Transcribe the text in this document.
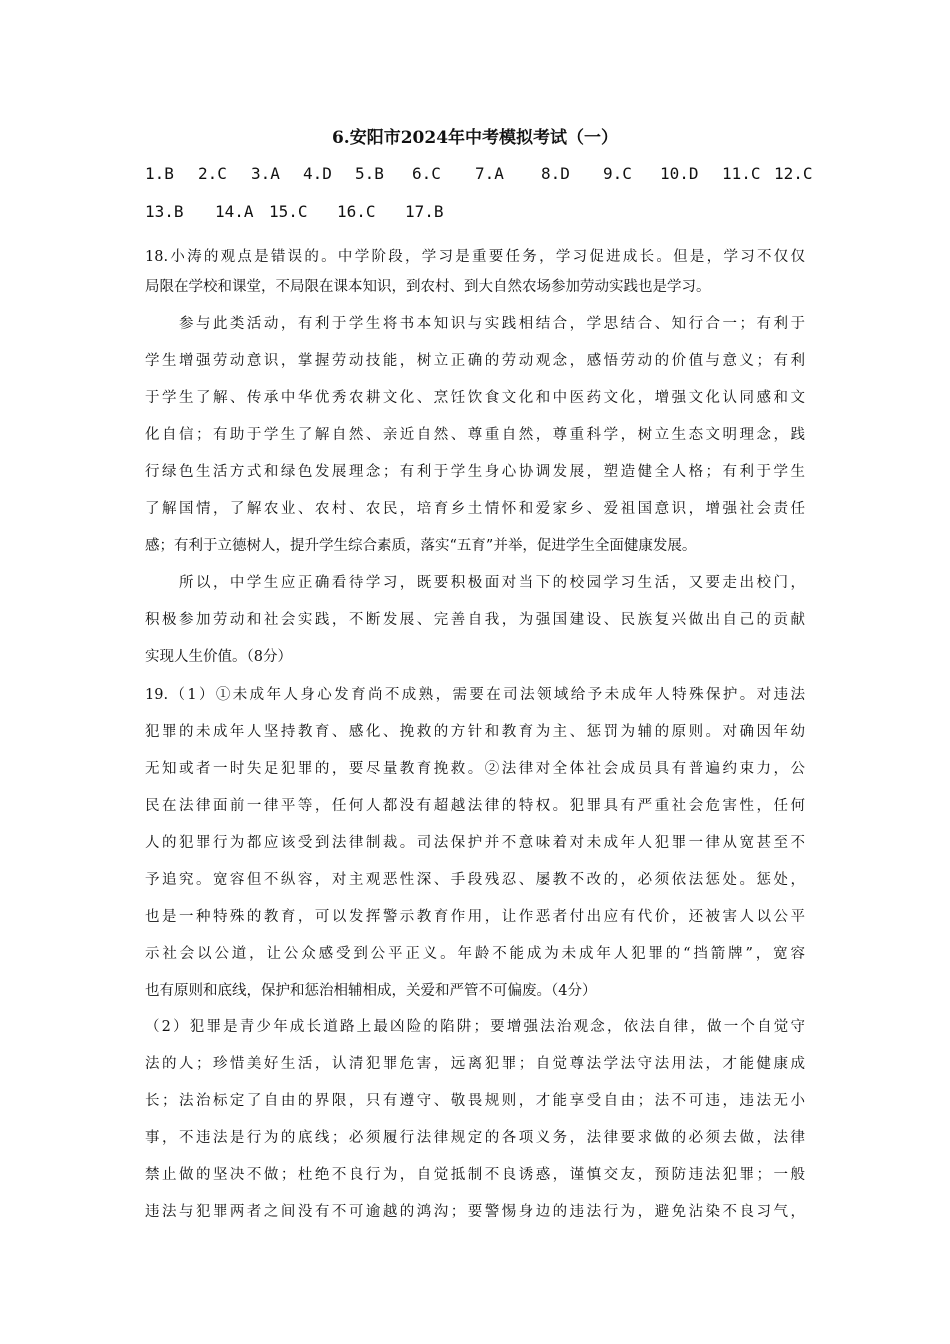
6.安阳市2024年中考模拟考试（一）
1.B 2.C 3.A 4.D 5.B 6.C 7.A 8.D 9.C 10.D 11.C 12.C
13.B 14.A 15.C 16.C 17.B
18.小涛的观点是错误的。中学阶段，学习是重要任务，学习促进成长。但是，学习不仅仅
局限在学校和课堂，不局限在课本知识，到农村、到大自然农场参加劳动实践也是学习。
　　参与此类活动，有利于学生将书本知识与实践相结合，学思结合、知行合一；有利于
学生增强劳动意识，掌握劳动技能，树立正确的劳动观念，感悟劳动的价值与意义；有利
于学生了解、传承中华优秀农耕文化、烹饪饮食文化和中医药文化，增强文化认同感和文
化自信；有助于学生了解自然、亲近自然、尊重自然，尊重科学，树立生态文明理念，践
行绿色生活方式和绿色发展理念；有利于学生身心协调发展，塑造健全人格；有利于学生
了解国情，了解农业、农村、农民，培育乡土情怀和爱家乡、爱祖国意识，增强社会责任
感；有利于立德树人，提升学生综合素质，落实“五育”并举，促进学生全面健康发展。
　　所以，中学生应正确看待学习，既要积极面对当下的校园学习生活，又要走出校门，
积极参加劳动和社会实践，不断发展、完善自我，为强国建设、民族复兴做出自己的贡献
实现人生价值。（8分）
19.（1）①未成年人身心发育尚不成熟，需要在司法领域给予未成年人特殊保护。对违法
犯罪的未成年人坚持教育、感化、挽救的方针和教育为主、惩罚为辅的原则。对确因年幼
无知或者一时失足犯罪的，要尽量教育挽救。②法律对全体社会成员具有普遍约束力，公
民在法律面前一律平等，任何人都没有超越法律的特权。犯罪具有严重社会危害性，任何
人的犯罪行为都应该受到法律制裁。司法保护并不意味着对未成年人犯罪一律从宽甚至不
予追究。宽容但不纵容，对主观恶性深、手段残忍、屡教不改的，必须依法惩处。惩处，
也是一种特殊的教育，可以发挥警示教育作用，让作恶者付出应有代价，还被害人以公平
示社会以公道，让公众感受到公平正义。年龄不能成为未成年人犯罪的“挡箭牌”，宽容
也有原则和底线，保护和惩治相辅相成，关爱和严管不可偏废。（4分）
（2）犯罪是青少年成长道路上最凶险的陷阱；要增强法治观念，依法自律，做一个自觉守
法的人；珍惜美好生活，认清犯罪危害，远离犯罪；自觉尊法学法守法用法，才能健康成
长；法治标定了自由的界限，只有遵守、敬畏规则，才能享受自由；法不可违，违法无小
事，不违法是行为的底线；必须履行法律规定的各项义务，法律要求做的必须去做，法律
禁止做的坚决不做；杜绝不良行为，自觉抵制不良诱惑，谨慎交友，预防违法犯罪；一般
违法与犯罪两者之间没有不可逾越的鸿沟；要警惕身边的违法行为，避免沾染不良习气，
